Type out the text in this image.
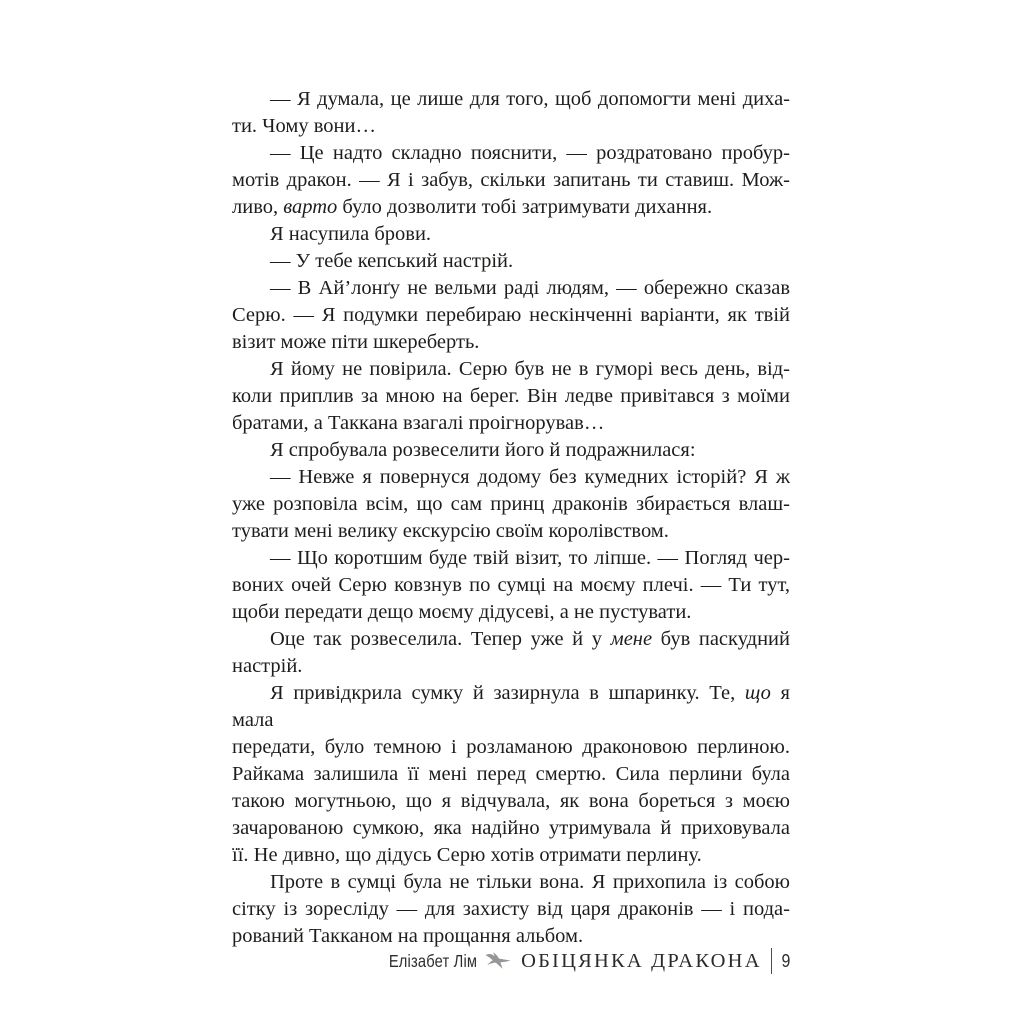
— Я думала, це лише для того, щоб допомогти мені диха-
ти. Чому вони…

— Це надто складно пояснити, — роздратовано пробур-
мотів дракон. — Я і забув, скільки запитань ти ставиш. Мож-
ливо, варто було дозволити тобі затримувати дихання.

Я насупила брови.

— У тебе кепський настрій.

— В Ай’лонґу не вельми раді людям, — обережно сказав
Серю. — Я подумки перебираю нескінченні варіанти, як твій
візит може піти шкереберть.

Я йому не повірила. Серю був не в гуморі весь день, від-
коли приплив за мною на берег. Він ледве привітався з моїми
братами, а Таккана взагалі проігнорував…

Я спробувала розвеселити його й подражнилася:

— Невже я повернуся додому без кумедних історій? Я ж
уже розповіла всім, що сам принц драконів збирається влаш-
тувати мені велику екскурсію своїм королівством.

— Що коротшим буде твій візит, то ліпше. — Погляд чер-
воних очей Серю ковзнув по сумці на моєму плечі. — Ти тут,
щоби передати дещо моєму дідусеві, а не пустувати.

Оце так розвеселила. Тепер уже й у мене був паскудний
настрій.

Я привідкрила сумку й зазирнула в шпаринку. Те, що я мала
передати, було темною і розламаною драконовою перлиною.
Райкама залишила її мені перед смертю. Сила перлини була
такою могутньою, що я відчувала, як вона бореться з моєю
зачарованою сумкою, яка надійно утримувала й приховувала
її. Не дивно, що дідусь Серю хотів отримати перлину.

Проте в сумці була не тільки вона. Я прихопила із собою
сітку із зоресліду — для захисту від царя драконів — і пода-
рований Такканом на прощання альбом.

Елізабет Лім ОБІЦЯНКА ДРАКОНА 9
